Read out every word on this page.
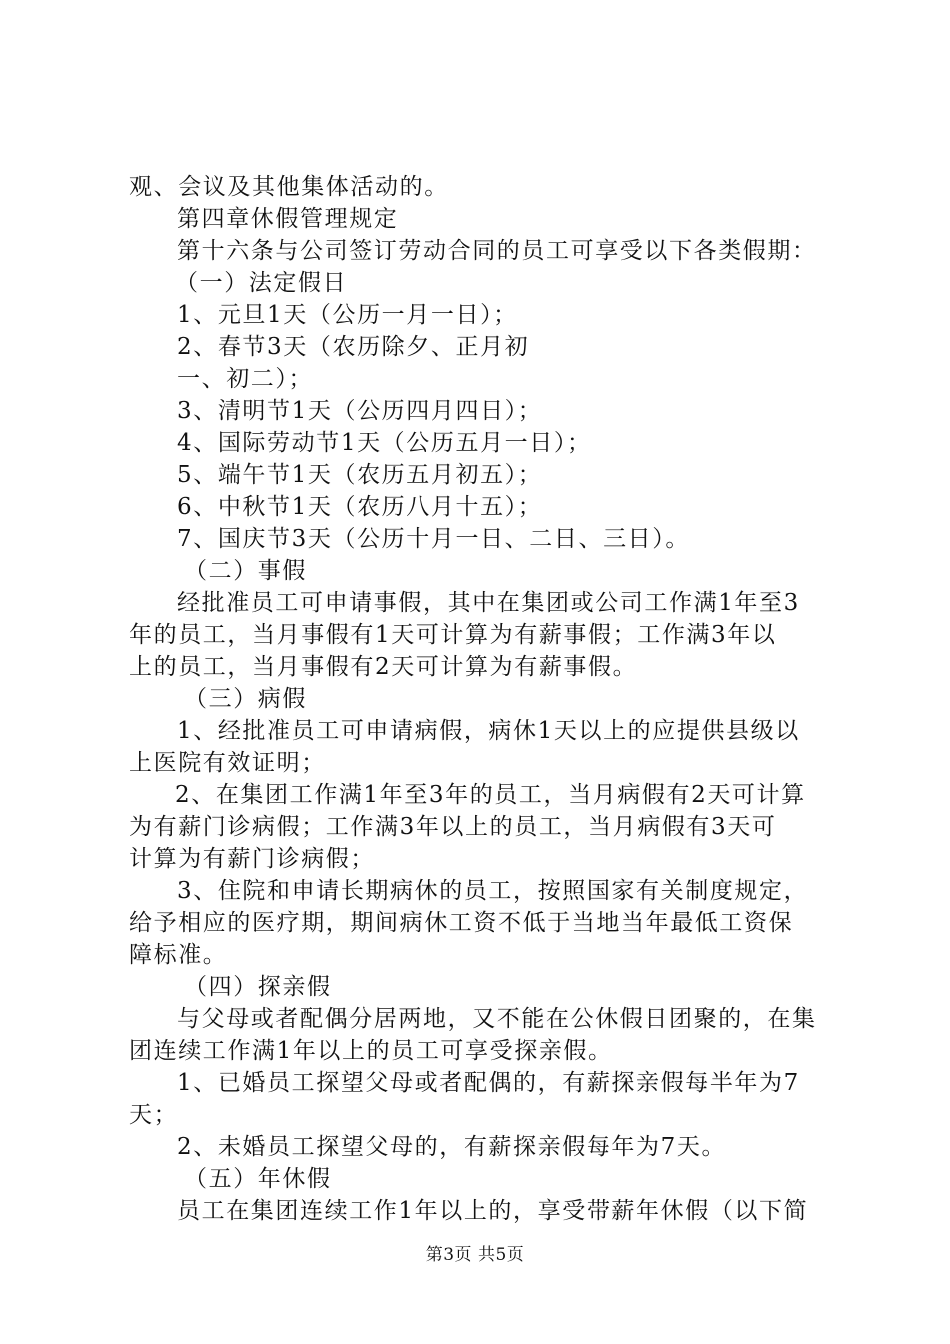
观、会议及其他集体活动的。
第四章休假管理规定
第十六条与公司签订劳动合同的员工可享受以下各类假期：
（一）法定假日
1、元旦1天（公历一月一日）；
2、春节3天（农历除夕、正月初
一、初二）；
3、清明节1天（公历四月四日）；
4、国际劳动节1天（公历五月一日）；
5、端午节1天（农历五月初五）；
6、中秋节1天（农历八月十五）；
7、国庆节3天（公历十月一日、二日、三日）。
（二）事假
经批准员工可申请事假，其中在集团或公司工作满1年至3
年的员工，当月事假有1天可计算为有薪事假；工作满3年以
上的员工，当月事假有2天可计算为有薪事假。
（三）病假
1、经批准员工可申请病假，病休1天以上的应提供县级以
上医院有效证明；
2、在集团工作满1年至3年的员工，当月病假有2天可计算
为有薪门诊病假；工作满3年以上的员工，当月病假有3天可
计算为有薪门诊病假；
3、住院和申请长期病休的员工，按照国家有关制度规定，
给予相应的医疗期，期间病休工资不低于当地当年最低工资保
障标准。
（四）探亲假
与父母或者配偶分居两地，又不能在公休假日团聚的，在集
团连续工作满1年以上的员工可享受探亲假。
1、已婚员工探望父母或者配偶的，有薪探亲假每半年为7
天；
2、未婚员工探望父母的，有薪探亲假每年为7天。
（五）年休假
员工在集团连续工作1年以上的，享受带薪年休假（以下简
第3页 共5页
